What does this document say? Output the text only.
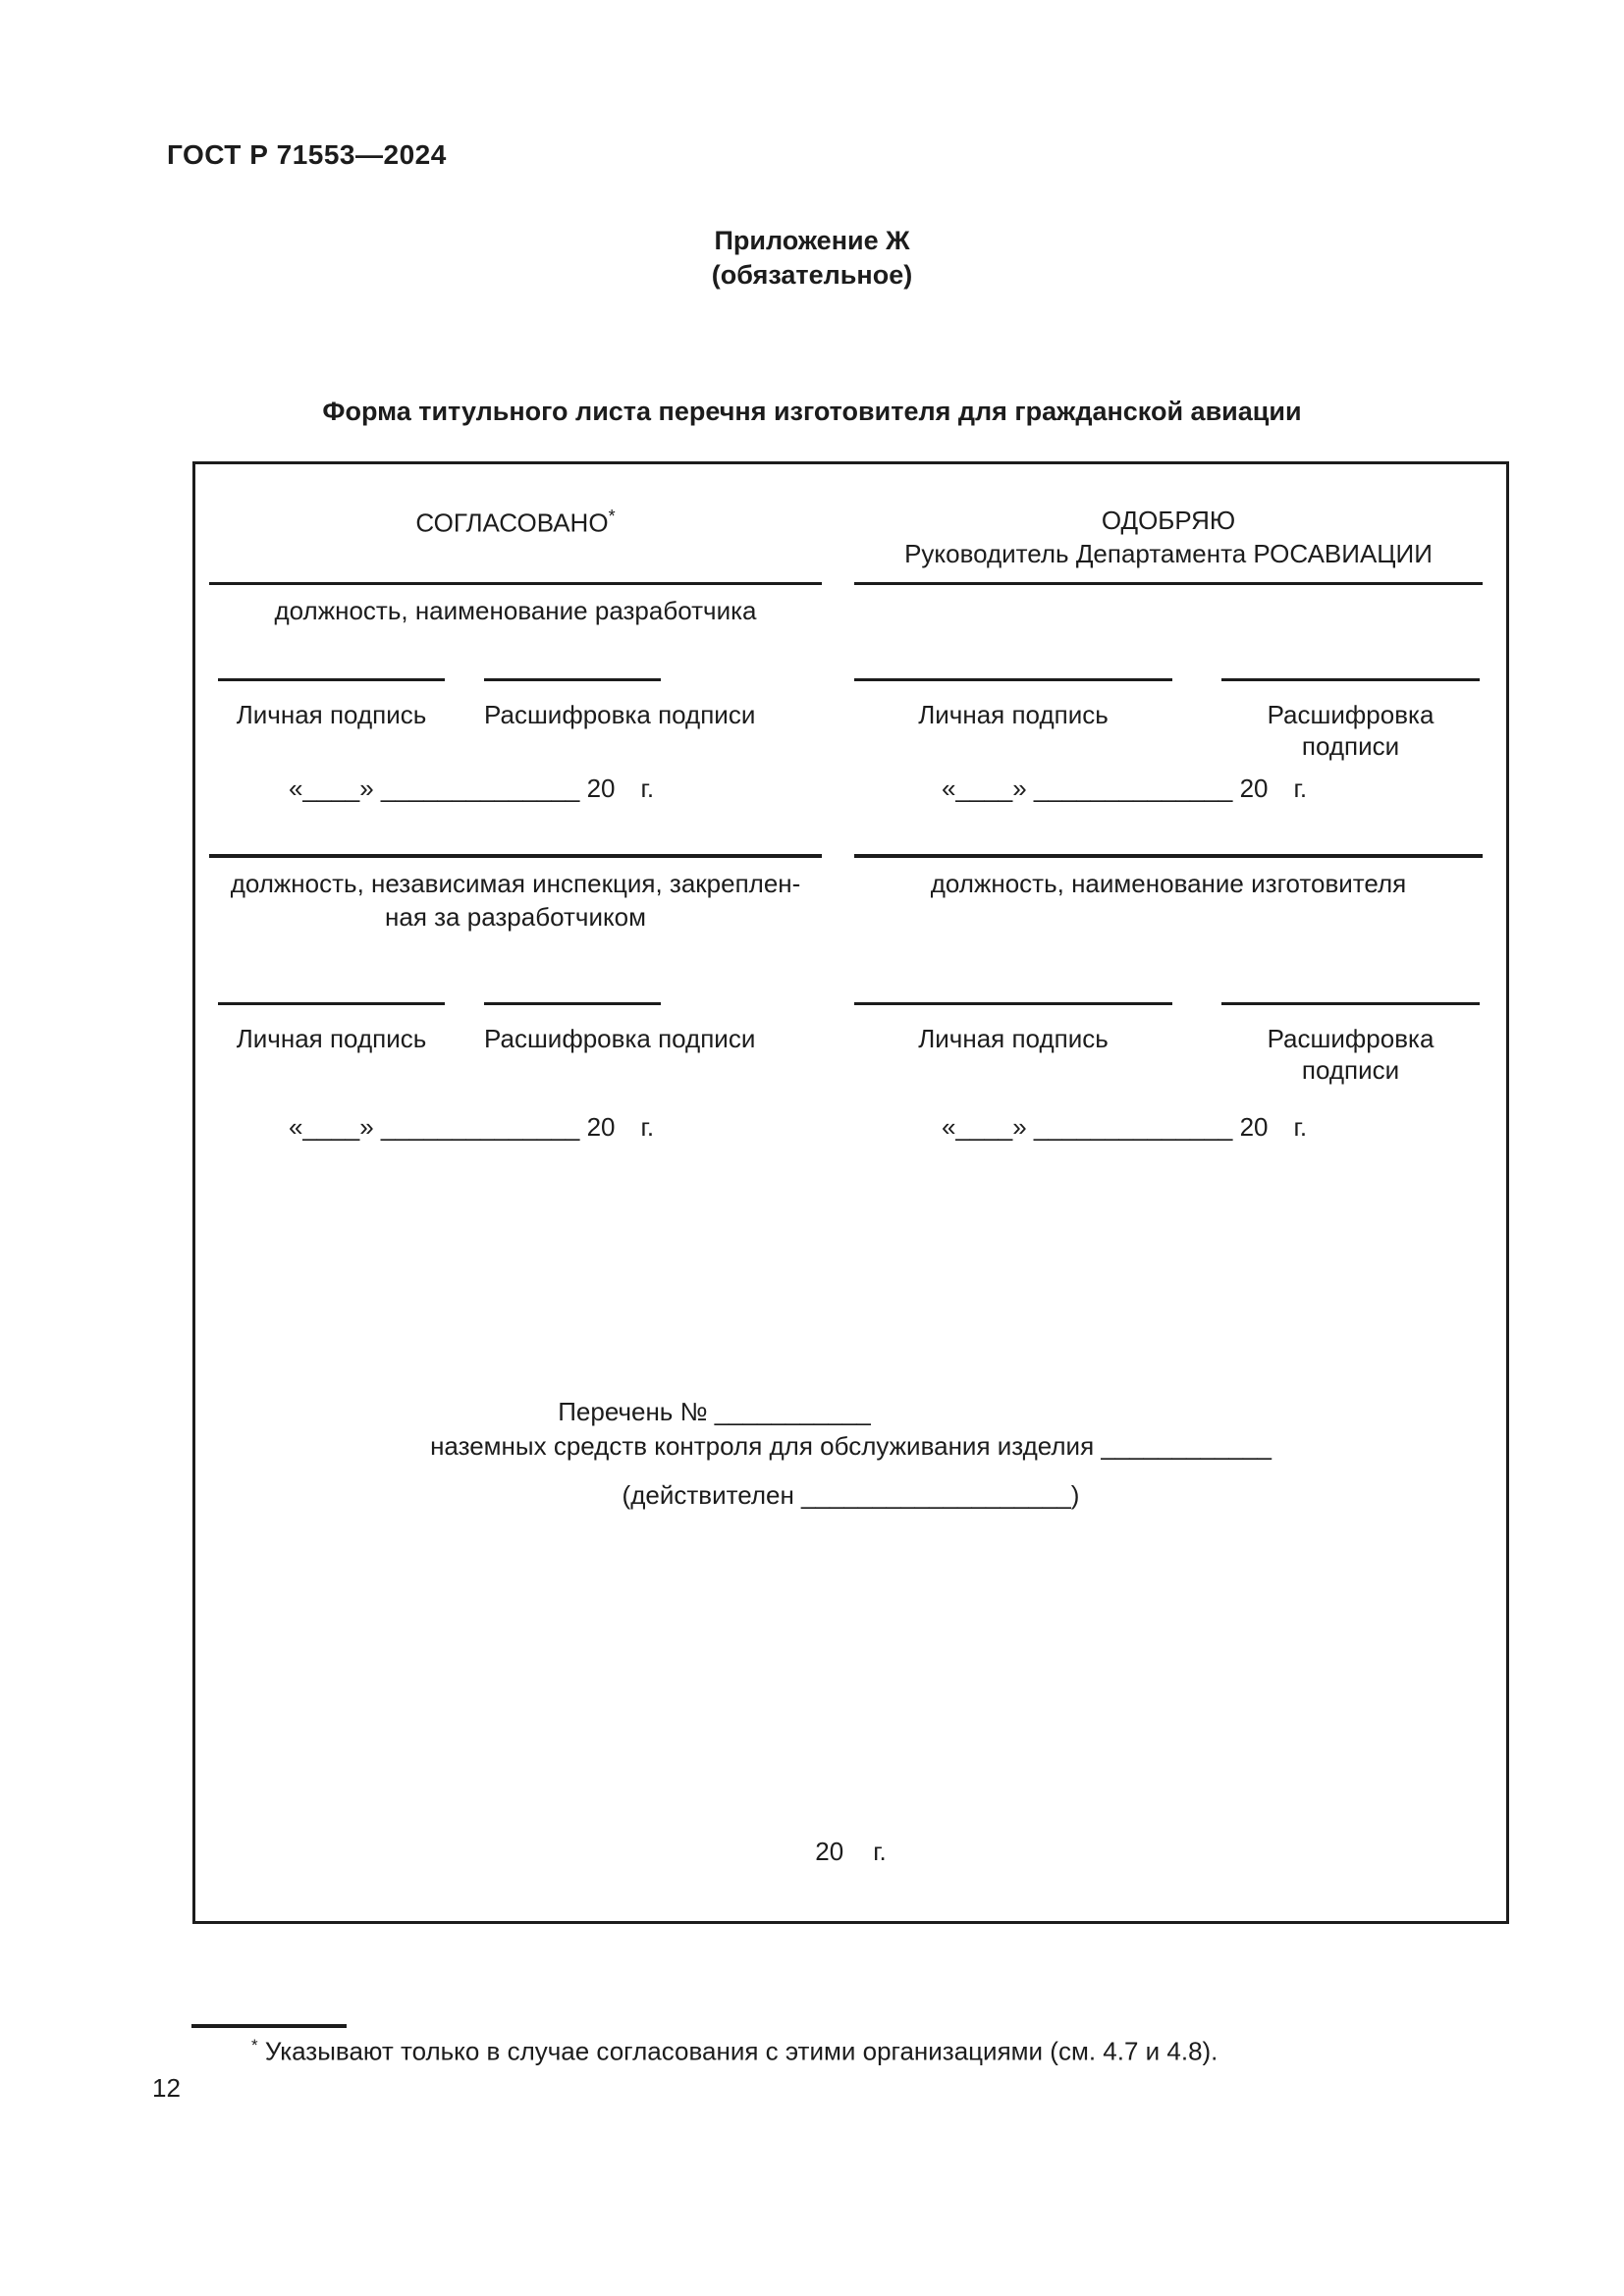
ГОСТ Р 71553—2024
Приложение Ж
(обязательное)
Форма титульного листа перечня изготовителя для гражданской авиации
СОГЛАСОВАНО*
должность, наименование разработчика
Личная подпись	Расшифровка подписи
«____» ______________ 20 г.
должность, независимая инспекция, закреплен-
ная за разработчиком
Личная подпись	Расшифровка подписи
«____» ______________ 20 г.
ОДОБРЯЮ
Руководитель Департамента РОСАВИАЦИИ
Личная подпись	Расшифровка подписи
«____» ______________ 20 г.
должность, наименование изготовителя
Личная подпись	Расшифровка подписи
«____» ______________ 20 г.
Перечень № ___________
наземных средств контроля для обслуживания изделия ____________
(действителен ___________________)
20 г.
* Указывают только в случае согласования с этими организациями (см. 4.7 и 4.8).
12
